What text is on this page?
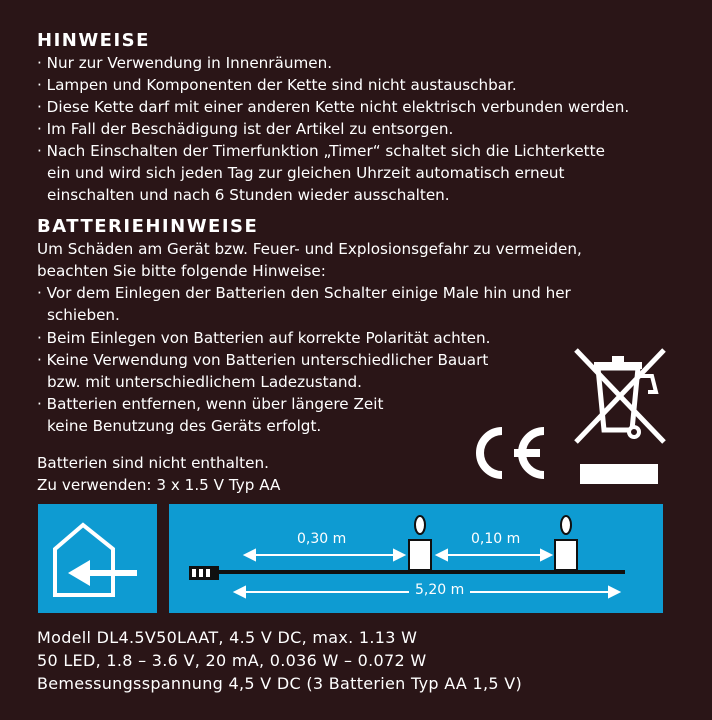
HINWEISE
· Nur zur Verwendung in Innenräumen.
· Lampen und Komponenten der Kette sind nicht austauschbar.
· Diese Kette darf mit einer anderen Kette nicht elektrisch verbunden werden.
· Im Fall der Beschädigung ist der Artikel zu entsorgen.
· Nach Einschalten der Timerfunktion „Timer“ schaltet sich die Lichterkette
ein und wird sich jeden Tag zur gleichen Uhrzeit automatisch erneut
einschalten und nach 6 Stunden wieder ausschalten.
BATTERIEHINWEISE
Um Schäden am Gerät bzw. Feuer- und Explosionsgefahr zu vermeiden,
beachten Sie bitte folgende Hinweise:
· Vor dem Einlegen der Batterien den Schalter einige Male hin und her
schieben.
· Beim Einlegen von Batterien auf korrekte Polarität achten.
· Keine Verwendung von Batterien unterschiedlicher Bauart
bzw. mit unterschiedlichem Ladezustand.
· Batterien entfernen, wenn über längere Zeit
keine Benutzung des Geräts erfolgt.
Batterien sind nicht enthalten.
Zu verwenden: 3 x 1.5 V Typ AA
0,30 m	0,10 m
5,20 m
Modell DL4.5V50LAAT, 4.5 V DC, max. 1.13 W
50 LED, 1.8 – 3.6 V, 20 mA, 0.036 W – 0.072 W
Bemessungsspannung 4,5 V DC (3 Batterien Typ AA 1,5 V)
